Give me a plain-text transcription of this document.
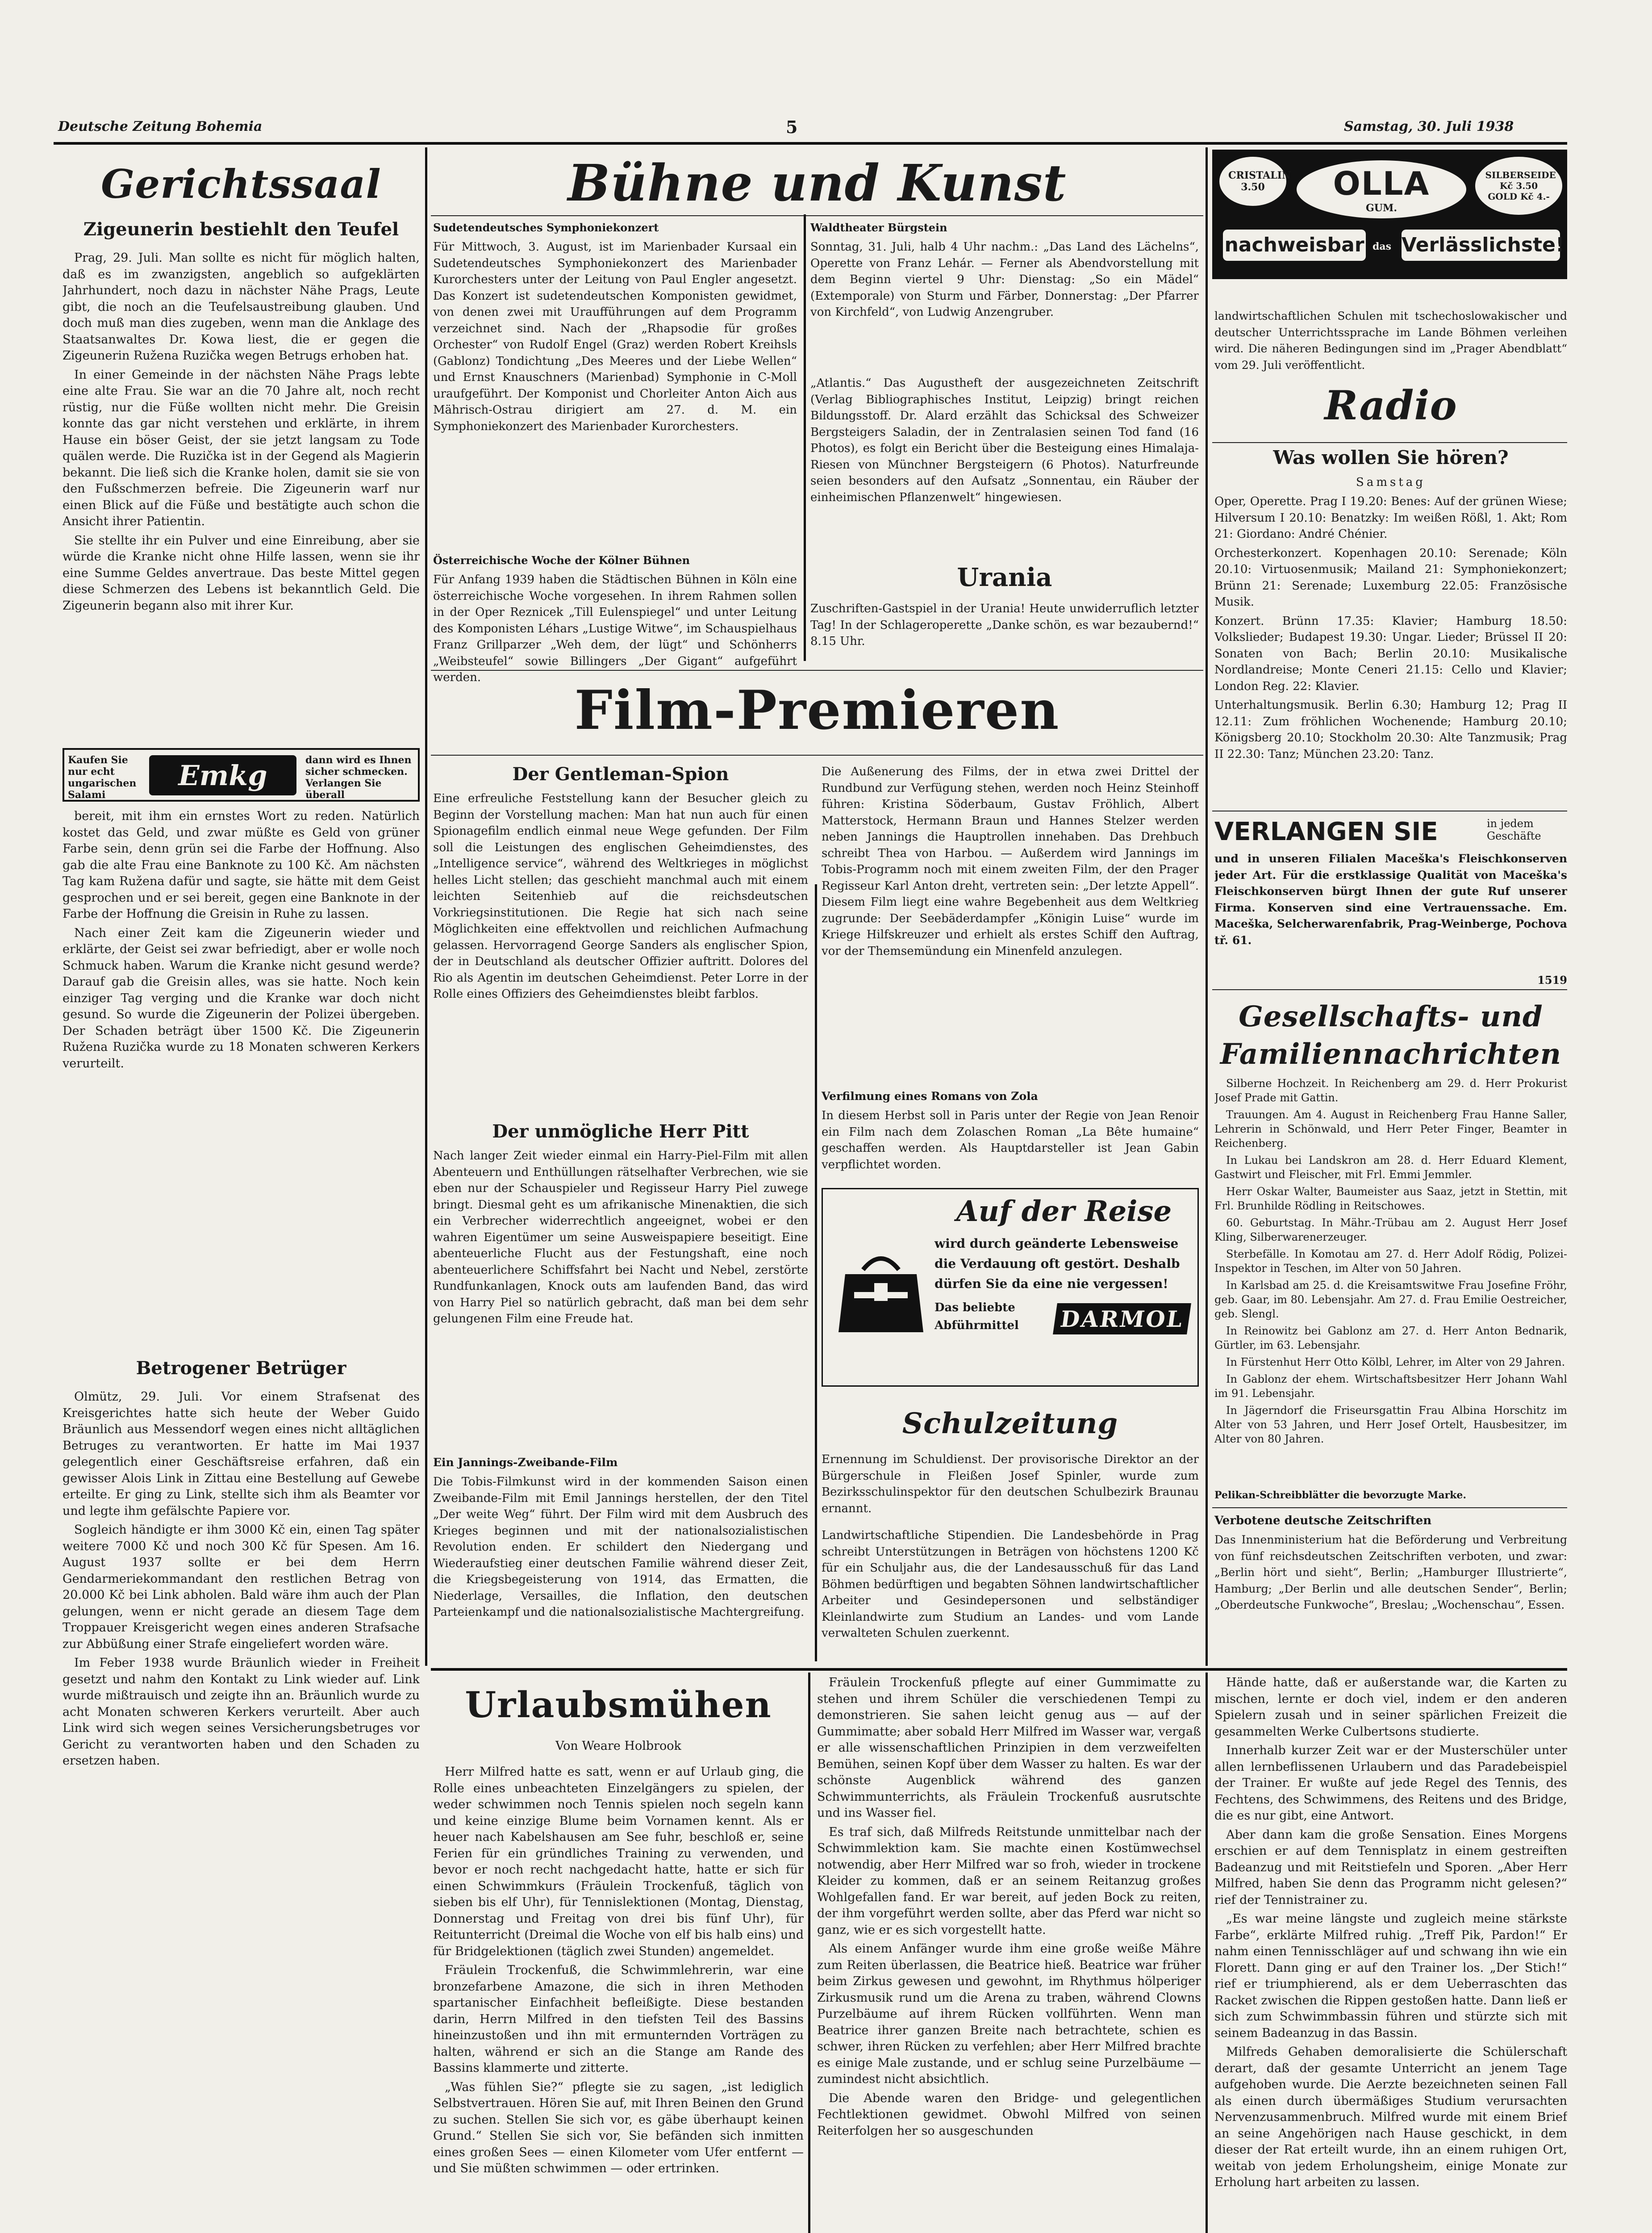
Deutsche Zeitung Bohemia	5	Samstag, 30. Juli 1938
Gerichtssaal
Zigeunerin bestiehlt den Teufel

Prag, 29. Juli. Man sollte es nicht für möglich halten, daß es im zwanzigsten, angeblich so aufgeklärten Jahrhundert, noch dazu in nächster Nähe Prags, Leute gibt, die noch an die Teufelsaustreibung glauben. Und doch muß man dies zugeben, wenn man die Anklage des Staatsanwaltes Dr. Kowa liest, die er gegen die Zigeunerin Ružena Ruzička wegen Betrugs erhoben hat.

In einer Gemeinde in der nächsten Nähe Prags lebte eine alte Frau. Sie war an die 70 Jahre alt, noch recht rüstig, nur die Füße wollten nicht mehr. Die Greisin konnte das gar nicht verstehen und erklärte, in ihrem Hause ein böser Geist, der sie jetzt langsam zu Tode quälen werde. Die Ruzička ist in der Gegend als Magierin bekannt. Die ließ sich die Kranke holen, damit sie sie von den Fußschmerzen befreie. Die Zigeunerin warf nur einen Blick auf die Füße und bestätigte auch schon die Ansicht ihrer Patientin.

Sie stellte ihr ein Pulver und eine Einreibung, aber sie würde die Kranke nicht ohne Hilfe lassen, wenn sie ihr eine Summe Geldes anvertraue. Das beste Mittel gegen diese Schmerzen des Lebens ist bekanntlich Geld. Die Zigeunerin begann also mit ihrer Kur.

Kaufen Sie nur echt ungarischen Salami
Emkg	dann wird es Ihnen sicher schmecken. Verlangen Sie überall

bereit, mit ihm ein ernstes Wort zu reden. Natürlich kostet das Geld, und zwar müßte es Geld von grüner Farbe sein, denn grün sei die Farbe der Hoffnung. Also gab die alte Frau eine Banknote zu 100 Kč. Am nächsten Tag kam Ružena dafür und sagte, sie hätte mit dem Geist gesprochen und er sei bereit, gegen eine Banknote in der Farbe der Hoffnung die Greisin in Ruhe zu lassen.

Nach einer Zeit kam die Zigeunerin wieder und erklärte, der Geist sei zwar befriedigt, aber er wolle noch Schmuck haben. Warum die Kranke nicht gesund werde? Darauf gab die Greisin alles, was sie hatte. Noch kein einziger Tag verging und die Kranke war doch nicht gesund. So wurde die Zigeunerin der Polizei übergeben. Der Schaden beträgt über 1500 Kč. Die Zigeunerin Ružena Ruzička wurde zu 18 Monaten schweren Kerkers verurteilt.

Betrogener Betrüger

Olmütz, 29. Juli. Vor einem Strafsenat des Kreisgerichtes hatte sich heute der Weber Guido Bräunlich aus Messendorf wegen eines nicht alltäglichen Betruges zu verantworten. Er hatte im Mai 1937 gelegentlich einer Geschäftsreise erfahren, daß ein gewisser Alois Link in Zittau eine Bestellung auf Gewebe erteilte. Er ging zu Link, stellte sich ihm als Beamter vor und legte ihm gefälschte Papiere vor.

Sogleich händigte er ihm 3000 Kč ein, einen Tag später weitere 7000 Kč und noch 300 Kč für Spesen. Am 16. August 1937 sollte er bei dem Herrn Gendarmeriekommandant den restlichen Betrag von 20.000 Kč bei Link abholen. Bald wäre ihm auch der Plan gelungen, wenn er nicht gerade an diesem Tage dem Troppauer Kreisgericht wegen eines anderen Strafsache zur Abbüßung einer Strafe eingeliefert worden wäre.

Im Feber 1938 wurde Bräunlich wieder in Freiheit gesetzt und nahm den Kontakt zu Link wieder auf. Link wurde mißtrauisch und zeigte ihn an. Bräunlich wurde zu acht Monaten schweren Kerkers verurteilt. Aber auch Link wird sich wegen seines Versicherungsbetruges vor Gericht zu verantworten haben und den Schaden zu ersetzen haben.

Bühne und Kunst
Sudetendeutsches Symphoniekonzert
Für Mittwoch, 3. August, ist im Marienbader Kursaal ein Sudetendeutsches Symphoniekonzert des Marienbader Kurorchesters unter der Leitung von Paul Engler angesetzt. Das Konzert ist sudetendeutschen Komponisten gewidmet, von denen zwei mit Uraufführungen auf dem Programm verzeichnet sind. Nach der „Rhapsodie für großes Orchester“ von Rudolf Engel (Graz) werden Robert Kreihsls (Gablonz) Tondichtung „Des Meeres und der Liebe Wellen“ und Ernst Knauschners (Marienbad) Symphonie in C-Moll uraufgeführt. Der Komponist und Chorleiter Anton Aich aus Mährisch-Ostrau dirigiert am 27. d. M. ein Symphoniekonzert des Marienbader Kurorchesters.
Österreichische Woche der Kölner Bühnen
Für Anfang 1939 haben die Städtischen Bühnen in Köln eine österreichische Woche vorgesehen. In ihrem Rahmen sollen in der Oper Reznicek „Till Eulenspiegel“ und unter Leitung des Komponisten Léhars „Lustige Witwe“, im Schauspielhaus Franz Grillparzer „Weh dem, der lügt“ und Schönherrs „Weibsteufel“ sowie Billingers „Der Gigant“ aufgeführt werden.
Waldtheater Bürgstein
Sonntag, 31. Juli, halb 4 Uhr nachm.: „Das Land des Lächelns“, Operette von Franz Lehár. — Ferner als Abendvorstellung mit dem Beginn viertel 9 Uhr: Dienstag: „So ein Mädel“ (Extemporale) von Sturm und Färber, Donnerstag: „Der Pfarrer von Kirchfeld“, von Ludwig Anzengruber.
„Atlantis.“ Das Augustheft der ausgezeichneten Zeitschrift (Verlag Bibliographisches Institut, Leipzig) bringt reichen Bildungsstoff. Dr. Alard erzählt das Schicksal des Schweizer Bergsteigers Saladin, der in Zentralasien seinen Tod fand (16 Photos), es folgt ein Bericht über die Besteigung eines Himalaja-Riesen von Münchner Bergsteigern (6 Photos). Naturfreunde seien besonders auf den Aufsatz „Sonnentau, ein Räuber der einheimischen Pflanzenwelt“ hingewiesen.
Urania
Zuschriften-Gastspiel in der Urania! Heute unwiderruflich letzter Tag! In der Schlageroperette „Danke schön, es war bezaubernd!“ 8.15 Uhr.
Film-Premieren
Der Gentleman-Spion
Eine erfreuliche Feststellung kann der Besucher gleich zu Beginn der Vorstellung machen: Man hat nun auch für einen Spionagefilm endlich einmal neue Wege gefunden. Der Film soll die Leistungen des englischen Geheimdienstes, des „Intelligence service“, während des Weltkrieges in möglichst helles Licht stellen; das geschieht manchmal auch mit einem leichten Seitenhieb auf die reichsdeutschen Vorkriegsinstitutionen. Die Regie hat sich nach seine Möglichkeiten eine effektvollen und reichlichen Aufmachung gelassen. Hervorragend George Sanders als englischer Spion, der in Deutschland als deutscher Offizier auftritt. Dolores del Rio als Agentin im deutschen Geheimdienst. Peter Lorre in der Rolle eines Offiziers des Geheimdienstes bleibt farblos.
Der unmögliche Herr Pitt
Nach langer Zeit wieder einmal ein Harry-Piel-Film mit allen Abenteuern und Enthüllungen rätselhafter Verbrechen, wie sie eben nur der Schauspieler und Regisseur Harry Piel zuwege bringt. Diesmal geht es um afrikanische Minenaktien, die sich ein Verbrecher widerrechtlich angeeignet, wobei er den wahren Eigentümer um seine Ausweispapiere beseitigt. Eine abenteuerliche Flucht aus der Festungshaft, eine noch abenteuerlichere Schiffsfahrt bei Nacht und Nebel, zerstörte Rundfunkanlagen, Knock outs am laufenden Band, das wird von Harry Piel so natürlich gebracht, daß man bei dem sehr gelungenen Film eine Freude hat.
Ein Jannings-Zweibande-Film
Die Tobis-Filmkunst wird in der kommenden Saison einen Zweibande-Film mit Emil Jannings herstellen, der den Titel „Der weite Weg“ führt. Der Film wird mit dem Ausbruch des Krieges beginnen und mit der nationalsozialistischen Revolution enden. Er schildert den Niedergang und Wiederaufstieg einer deutschen Familie während dieser Zeit, die Kriegsbegeisterung von 1914, das Ermatten, die Niederlage, Versailles, die Inflation, den deutschen Parteienkampf und die nationalsozialistische Machtergreifung.
Die Außenerung des Films, der in etwa zwei Drittel der Rundbund zur Verfügung stehen, werden noch Heinz Steinhoff führen: Kristina Söderbaum, Gustav Fröhlich, Albert Matterstock, Hermann Braun und Hannes Stelzer werden neben Jannings die Hauptrollen innehaben. Das Drehbuch schreibt Thea von Harbou. — Außerdem wird Jannings im Tobis-Programm noch mit einem zweiten Film, der den Prager Regisseur Karl Anton dreht, vertreten sein: „Der letzte Appell“. Diesem Film liegt eine wahre Begebenheit aus dem Weltkrieg zugrunde: Der Seebäderdampfer „Königin Luise“ wurde im Kriege Hilfskreuzer und erhielt als erstes Schiff den Auftrag, vor der Themsemündung ein Minenfeld anzulegen.
Verfilmung eines Romans von Zola
In diesem Herbst soll in Paris unter der Regie von Jean Renoir ein Film nach dem Zolaschen Roman „La Bête humaine“ geschaffen werden. Als Hauptdarsteller ist Jean Gabin verpflichtet worden.
Auf der Reise
wird durch geänderte Lebensweise
die Verdauung oft gestört. Deshalb
dürfen Sie da eine nie vergessen!
Das beliebte
Abführmittel	DARMOL
Schulzeitung
Ernennung im Schuldienst. Der provisorische Direktor an der Bürgerschule in Fleißen Josef Spinler, wurde zum Bezirksschulinspektor für den deutschen Schulbezirk Braunau ernannt.
Landwirtschaftliche Stipendien. Die Landesbehörde in Prag schreibt Unterstützungen in Beträgen von höchstens 1200 Kč für ein Schuljahr aus, die der Landesausschuß für das Land Böhmen bedürftigen und begabten Söhnen landwirtschaftlicher Arbeiter und Gesindepersonen und selbständiger Kleinlandwirte zum Studium an Landes- und vom Lande verwalteten Schulen zuerkennt.
CRISTALIN 3.50	OLLA
GUM.
SILBERSEIDE Kč 3.50
GOLD Kč 4.-
nachweisbar das Verlässlichste!
landwirtschaftlichen Schulen mit tschechoslowakischer und deutscher Unterrichtssprache im Lande Böhmen verleihen wird. Die näheren Bedingungen sind im „Prager Abendblatt“ vom 29. Juli veröffentlicht.
Radio
Was wollen Sie hören?
Samstag

Oper, Operette. Prag I 19.20: Benes: Auf der grünen Wiese; Hilversum I 20.10: Benatzky: Im weißen Rößl, 1. Akt; Rom 21: Giordano: André Chénier.

Orchesterkonzert. Kopenhagen 20.10: Serenade; Köln 20.10: Virtuosenmusik; Mailand 21: Symphoniekonzert; Brünn 21: Serenade; Luxemburg 22.05: Französische Musik.

Konzert. Brünn 17.35: Klavier; Hamburg 18.50: Volkslieder; Budapest 19.30: Ungar. Lieder; Brüssel II 20: Sonaten von Bach; Berlin 20.10: Musikalische Nordlandreise; Monte Ceneri 21.15: Cello und Klavier; London Reg. 22: Klavier.

Unterhaltungsmusik. Berlin 6.30; Hamburg 12; Prag II 12.11: Zum fröhlichen Wochenende; Hamburg 20.10; Königsberg 20.10; Stockholm 20.30: Alte Tanzmusik; Prag II 22.30: Tanz; München 23.20: Tanz.

VERLANGEN SIE	in jedem Geschäfte
und in unseren Filialen Maceška's Fleischkonserven jeder Art. Für die erstklassige Qualität von Maceška's Fleischkonserven bürgt Ihnen der gute Ruf unserer Firma. Konserven sind eine Vertrauenssache. Em. Maceška, Selcherwarenfabrik, Prag-Weinberge, Pochova tř. 61.
1519
Gesellschafts- und Familiennachrichten

Silberne Hochzeit. In Reichenberg am 29. d. Herr Prokurist Josef Prade mit Gattin.

Trauungen. Am 4. August in Reichenberg Frau Hanne Saller, Lehrerin in Schönwald, und Herr Peter Finger, Beamter in Reichenberg.

In Lukau bei Landskron am 28. d. Herr Eduard Klement, Gastwirt und Fleischer, mit Frl. Emmi Jemmler.

Herr Oskar Walter, Baumeister aus Saaz, jetzt in Stettin, mit Frl. Brunhilde Rödling in Reitschowes.

60. Geburtstag. In Mähr.-Trübau am 2. August Herr Josef Kling, Silberwarenerzeuger.

Sterbefälle. In Komotau am 27. d. Herr Adolf Rödig, Polizei-Inspektor in Teschen, im Alter von 50 Jahren.

In Karlsbad am 25. d. die Kreisamtswitwe Frau Josefine Fröhr, geb. Gaar, im 80. Lebensjahr. Am 27. d. Frau Emilie Oestreicher, geb. Slengl.

In Reinowitz bei Gablonz am 27. d. Herr Anton Bednarik, Gürtler, im 63. Lebensjahr.

In Fürstenhut Herr Otto Kölbl, Lehrer, im Alter von 29 Jahren.

In Gablonz der ehem. Wirtschaftsbesitzer Herr Johann Wahl im 91. Lebensjahr.

In Jägerndorf die Friseursgattin Frau Albina Horschitz im Alter von 53 Jahren, und Herr Josef Ortelt, Hausbesitzer, im Alter von 80 Jahren.

Pelikan-Schreibblätter die bevorzugte Marke.
Verbotene deutsche Zeitschriften
Das Innenministerium hat die Beförderung und Verbreitung von fünf reichsdeutschen Zeitschriften verboten, und zwar: „Berlin hört und sieht“, Berlin; „Hamburger Illustrierte“, Hamburg; „Der Berlin und alle deutschen Sender“, Berlin; „Oberdeutsche Funkwoche“, Breslau; „Wochenschau“, Essen.
Urlaubsmühen
Von Weare Holbrook

Herr Milfred hatte es satt, wenn er auf Urlaub ging, die Rolle eines unbeachteten Einzelgängers zu spielen, der weder schwimmen noch Tennis spielen noch segeln kann und keine einzige Blume beim Vornamen kennt. Als er heuer nach Kabelshausen am See fuhr, beschloß er, seine Ferien für ein gründliches Training zu verwenden, und bevor er noch recht nachgedacht hatte, hatte er sich für einen Schwimmkurs (Fräulein Trockenfuß, täglich von sieben bis elf Uhr), für Tennislektionen (Montag, Dienstag, Donnerstag und Freitag von drei bis fünf Uhr), für Reitunterricht (Dreimal die Woche von elf bis halb eins) und für Bridgelektionen (täglich zwei Stunden) angemeldet.

Fräulein Trockenfuß, die Schwimmlehrerin, war eine bronzefarbene Amazone, die sich in ihren Methoden spartanischer Einfachheit befleißigte. Diese bestanden darin, Herrn Milfred in den tiefsten Teil des Bassins hineinzustoßen und ihn mit ermunternden Vorträgen zu halten, während er sich an die Stange am Rande des Bassins klammerte und zitterte.

„Was fühlen Sie?“ pflegte sie zu sagen, „ist lediglich Selbstvertrauen. Hören Sie auf, mit Ihren Beinen den Grund zu suchen. Stellen Sie sich vor, es gäbe überhaupt keinen Grund.“ Stellen Sie sich vor, Sie befänden sich inmitten eines großen Sees — einen Kilometer vom Ufer entfernt — und Sie müßten schwimmen — oder ertrinken.

Fräulein Trockenfuß pflegte auf einer Gummimatte zu stehen und ihrem Schüler die verschiedenen Tempi zu demonstrieren. Sie sahen leicht genug aus — auf der Gummimatte; aber sobald Herr Milfred im Wasser war, vergaß er alle wissenschaftlichen Prinzipien in dem verzweifelten Bemühen, seinen Kopf über dem Wasser zu halten. Es war der schönste Augenblick während des ganzen Schwimmunterrichts, als Fräulein Trockenfuß ausrutschte und ins Wasser fiel.

Es traf sich, daß Milfreds Reitstunde unmittelbar nach der Schwimmlektion kam. Sie machte einen Kostümwechsel notwendig, aber Herr Milfred war so froh, wieder in trockene Kleider zu kommen, daß er an seinem Reitanzug großes Wohlgefallen fand. Er war bereit, auf jeden Bock zu reiten, der ihm vorgeführt werden sollte, aber das Pferd war nicht so ganz, wie er es sich vorgestellt hatte.

Als einem Anfänger wurde ihm eine große weiße Mähre zum Reiten überlassen, die Beatrice hieß. Beatrice war früher beim Zirkus gewesen und gewohnt, im Rhythmus hölperiger Zirkusmusik rund um die Arena zu traben, während Clowns Purzelbäume auf ihrem Rücken vollführten. Wenn man Beatrice ihrer ganzen Breite nach betrachtete, schien es schwer, ihren Rücken zu verfehlen; aber Herr Milfred brachte es einige Male zustande, und er schlug seine Purzelbäume — zumindest nicht absichtlich.

Die Abende waren den Bridge- und gelegentlichen Fechtlektionen gewidmet. Obwohl Milfred von seinen Reiterfolgen her so ausgeschunden

Hände hatte, daß er außerstande war, die Karten zu mischen, lernte er doch viel, indem er den anderen Spielern zusah und in seiner spärlichen Freizeit die gesammelten Werke Culbertsons studierte.

Innerhalb kurzer Zeit war er der Musterschüler unter allen lernbeflissenen Urlaubern und das Paradebeispiel der Trainer. Er wußte auf jede Regel des Tennis, des Fechtens, des Schwimmens, des Reitens und des Bridge, die es nur gibt, eine Antwort.

Aber dann kam die große Sensation. Eines Morgens erschien er auf dem Tennisplatz in einem gestreiften Badeanzug und mit Reitstiefeln und Sporen. „Aber Herr Milfred, haben Sie denn das Programm nicht gelesen?“ rief der Tennistrainer zu.

„Es war meine längste und zugleich meine stärkste Farbe“, erklärte Milfred ruhig. „Treff Pik, Pardon!“ Er nahm einen Tennisschläger auf und schwang ihn wie ein Florett. Dann ging er auf den Trainer los. „Der Stich!“ rief er triumphierend, als er dem Ueberraschten das Racket zwischen die Rippen gestoßen hatte. Dann ließ er sich zum Schwimmbassin führen und stürzte sich mit seinem Badeanzug in das Bassin.

Milfreds Gehaben demoralisierte die Schülerschaft derart, daß der gesamte Unterricht an jenem Tage aufgehoben wurde. Die Aerzte bezeichneten seinen Fall als einen durch übermäßiges Studium verursachten Nervenzusammenbruch. Milfred wurde mit einem Brief an seine Angehörigen nach Hause geschickt, in dem dieser der Rat erteilt wurde, ihn an einem ruhigen Ort, weitab von jedem Erholungsheim, einige Monate zur Erholung hart arbeiten zu lassen.
